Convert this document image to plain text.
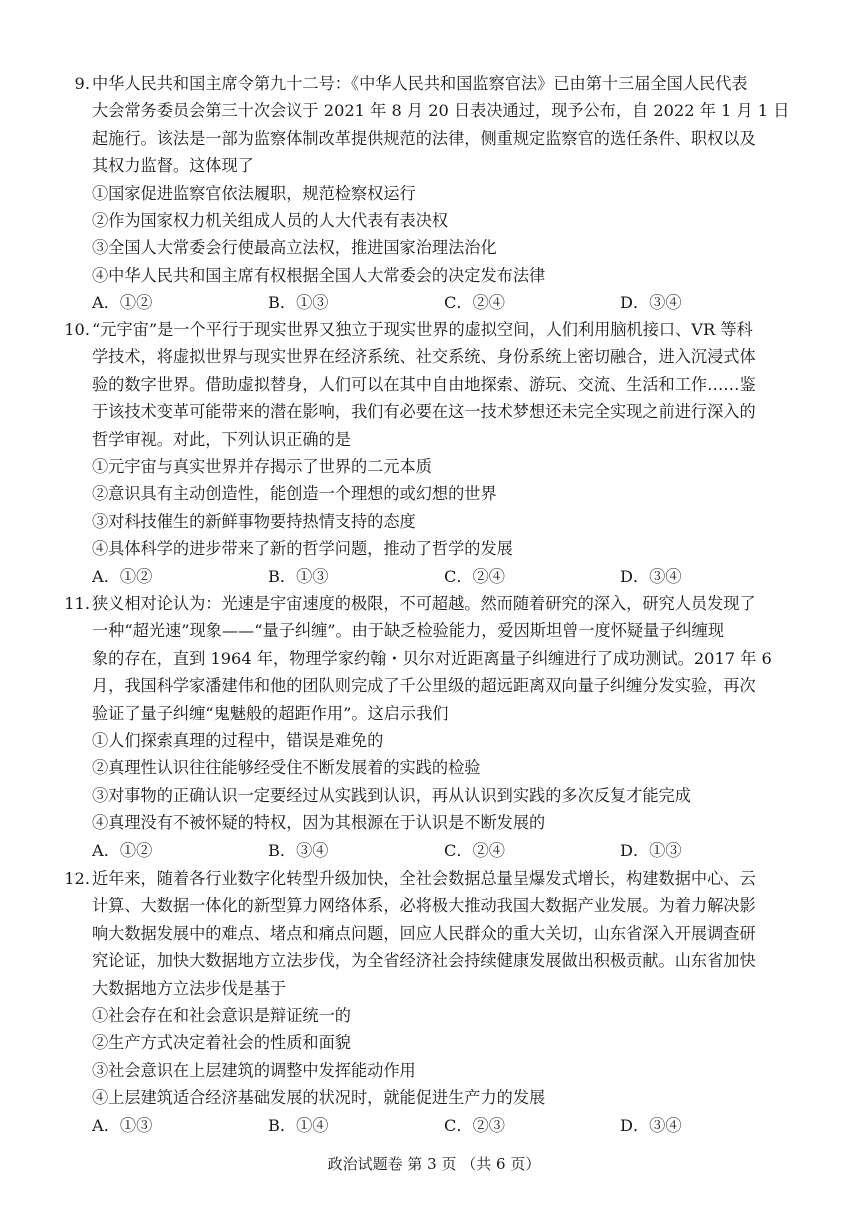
9. 中华人民共和国主席令第九十二号：《中华人民共和国监察官法》已由第十三届全国人民代表
大会常务委员会第三十次会议于 2021 年 8 月 20 日表决通过，现予公布，自 2022 年 1 月 1 日
起施行。该法是一部为监察体制改革提供规范的法律，侧重规定监察官的选任条件、职权以及
其权力监督。这体现了
①国家促进监察官依法履职，规范检察权运行
②作为国家权力机关组成人员的人大代表有表决权
③全国人大常委会行使最高立法权，推进国家治理法治化
④中华人民共和国主席有权根据全国人大常委会的决定发布法律
A．①②	B．①③	C．②④	D．③④
10. “元宇宙”是一个平行于现实世界又独立于现实世界的虚拟空间，人们利用脑机接口、VR 等科
学技术，将虚拟世界与现实世界在经济系统、社交系统、身份系统上密切融合，进入沉浸式体
验的数字世界。借助虚拟替身，人们可以在其中自由地探索、游玩、交流、生活和工作……鉴
于该技术变革可能带来的潜在影响，我们有必要在这一技术梦想还未完全实现之前进行深入的
哲学审视。对此，下列认识正确的是
①元宇宙与真实世界并存揭示了世界的二元本质
②意识具有主动创造性，能创造一个理想的或幻想的世界
③对科技催生的新鲜事物要持热情支持的态度
④具体科学的进步带来了新的哲学问题，推动了哲学的发展
A．①②	B．①③	C．②④	D．③④
11. 狭义相对论认为：光速是宇宙速度的极限，不可超越。然而随着研究的深入，研究人员发现了
一种“超光速”现象——“量子纠缠”。由于缺乏检验能力，爱因斯坦曾一度怀疑量子纠缠现
象的存在，直到 1964 年，物理学家约翰・贝尔对近距离量子纠缠进行了成功测试。2017 年 6
月，我国科学家潘建伟和他的团队则完成了千公里级的超远距离双向量子纠缠分发实验，再次
验证了量子纠缠“鬼魅般的超距作用”。这启示我们
①人们探索真理的过程中，错误是难免的
②真理性认识往往能够经受住不断发展着的实践的检验
③对事物的正确认识一定要经过从实践到认识，再从认识到实践的多次反复才能完成
④真理没有不被怀疑的特权，因为其根源在于认识是不断发展的
A．①②	B．③④	C．②④	D．①③
12. 近年来，随着各行业数字化转型升级加快，全社会数据总量呈爆发式增长，构建数据中心、云
计算、大数据一体化的新型算力网络体系，必将极大推动我国大数据产业发展。为着力解决影
响大数据发展中的难点、堵点和痛点问题，回应人民群众的重大关切，山东省深入开展调查研
究论证，加快大数据地方立法步伐，为全省经济社会持续健康发展做出积极贡献。山东省加快
大数据地方立法步伐是基于
①社会存在和社会意识是辩证统一的
②生产方式决定着社会的性质和面貌
③社会意识在上层建筑的调整中发挥能动作用
④上层建筑适合经济基础发展的状况时，就能促进生产力的发展
A．①③	B．①④	C．②③	D．③④
政治试题卷 第 3 页 （共 6 页）
